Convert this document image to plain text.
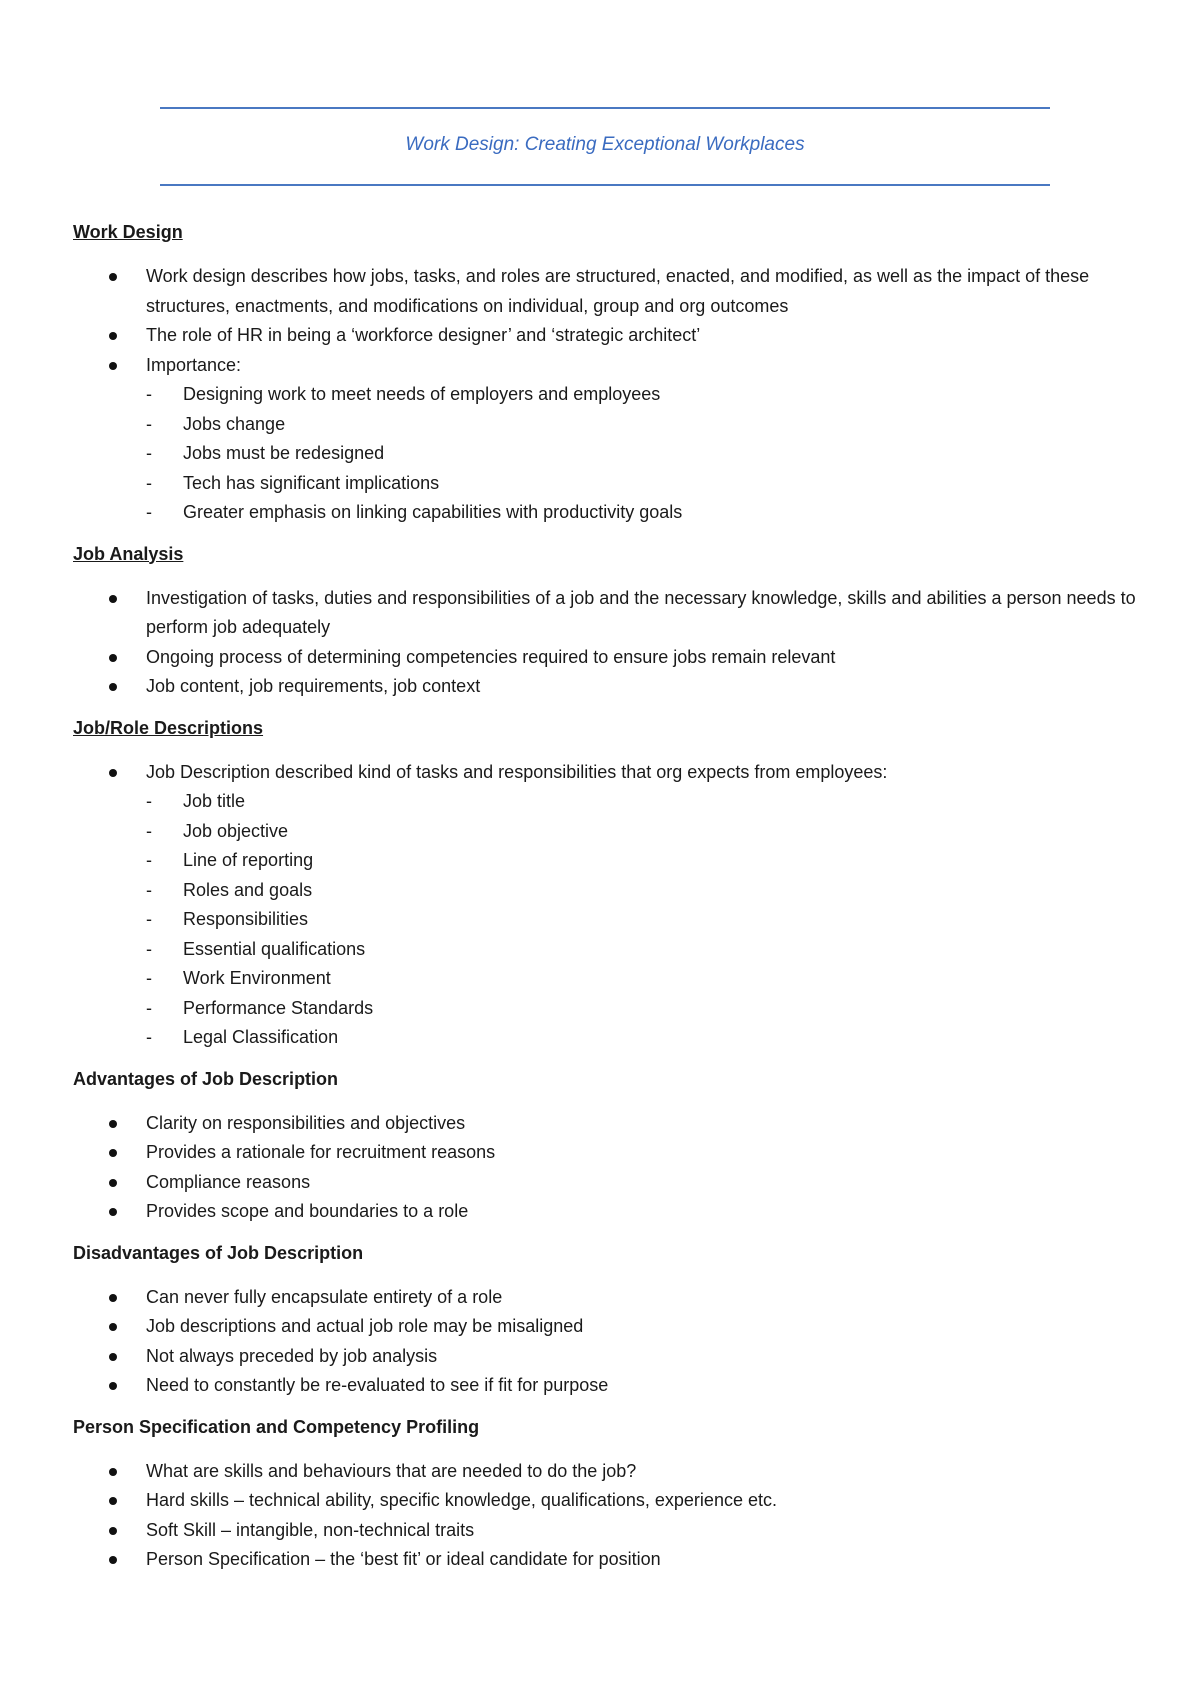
Work Design: Creating Exceptional Workplaces
Work Design
Work design describes how jobs, tasks, and roles are structured, enacted, and modified, as well as the impact of these structures, enactments, and modifications on individual, group and org outcomes
The role of HR in being a ‘workforce designer’ and ‘strategic architect’
Importance:
- Designing work to meet needs of employers and employees
- Jobs change
- Jobs must be redesigned
- Tech has significant implications
- Greater emphasis on linking capabilities with productivity goals
Job Analysis
Investigation of tasks, duties and responsibilities of a job and the necessary knowledge, skills and abilities a person needs to perform job adequately
Ongoing process of determining competencies required to ensure jobs remain relevant
Job content, job requirements, job context
Job/Role Descriptions
Job Description described kind of tasks and responsibilities that org expects from employees:
- Job title
- Job objective
- Line of reporting
- Roles and goals
- Responsibilities
- Essential qualifications
- Work Environment
- Performance Standards
- Legal Classification
Advantages of Job Description
Clarity on responsibilities and objectives
Provides a rationale for recruitment reasons
Compliance reasons
Provides scope and boundaries to a role
Disadvantages of Job Description
Can never fully encapsulate entirety of a role
Job descriptions and actual job role may be misaligned
Not always preceded by job analysis
Need to constantly be re-evaluated to see if fit for purpose
Person Specification and Competency Profiling
What are skills and behaviours that are needed to do the job?
Hard skills – technical ability, specific knowledge, qualifications, experience etc.
Soft Skill – intangible, non-technical traits
Person Specification – the ‘best fit’ or ideal candidate for position
